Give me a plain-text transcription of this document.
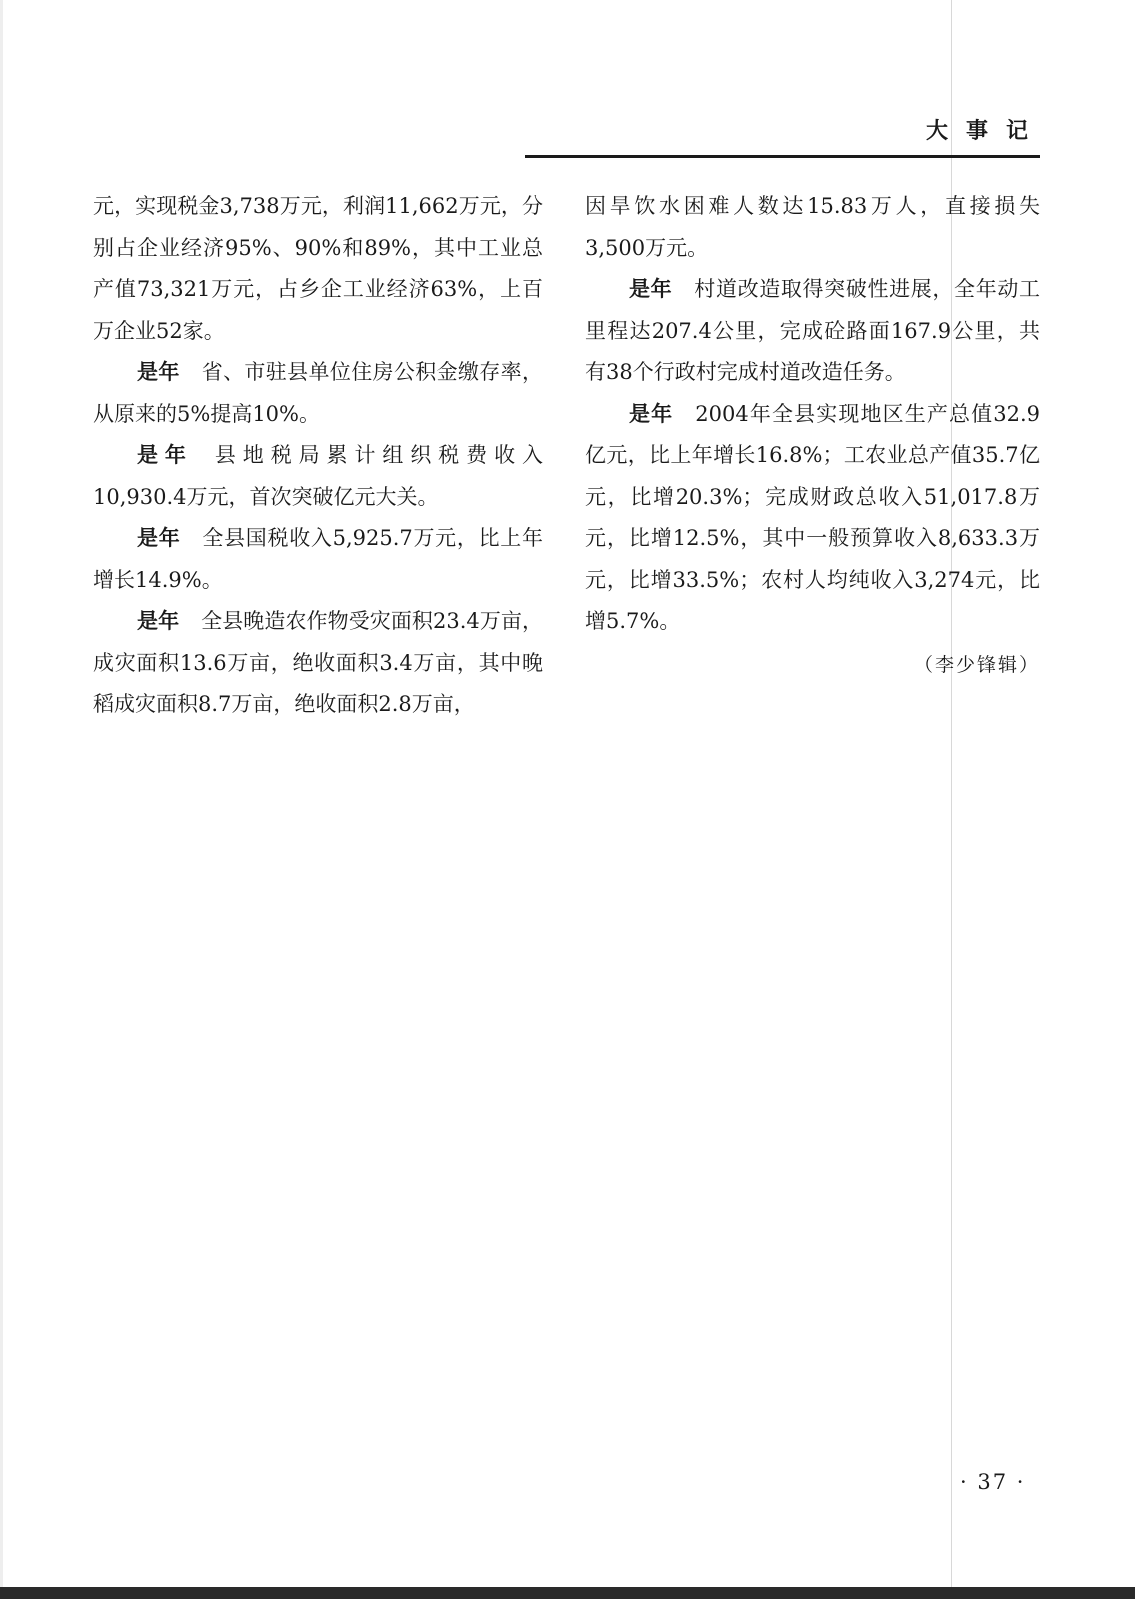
大事记

元，实现税金3,738万元，利润11,662万元，分别占企业经济95%、90%和89%，其中工业总产值73,321万元，占乡企工业经济63%，上百万企业52家。

是年 省、市驻县单位住房公积金缴存率，从原来的5%提高10%。

是年 县地税局累计组织税费收入10,930.4万元，首次突破亿元大关。

是年 全县国税收入5,925.7万元，比上年增长14.9%。

是年 全县晚造农作物受灾面积23.4万亩，成灾面积13.6万亩，绝收面积3.4万亩，其中晚稻成灾面积8.7万亩，绝收面积2.8万亩，

因旱饮水困难人数达15.83万人，直接损失3,500万元。

是年 村道改造取得突破性进展，全年动工里程达207.4公里，完成砼路面167.9公里，共有38个行政村完成村道改造任务。

是年 2004年全县实现地区生产总值32.9亿元，比上年增长16.8%；工农业总产值35.7亿元，比增20.3%；完成财政总收入51,017.8万元，比增12.5%，其中一般预算收入8,633.3万元，比增33.5%；农村人均纯收入3,274元，比增5.7%。

（李少锋辑）
· 37 ·
